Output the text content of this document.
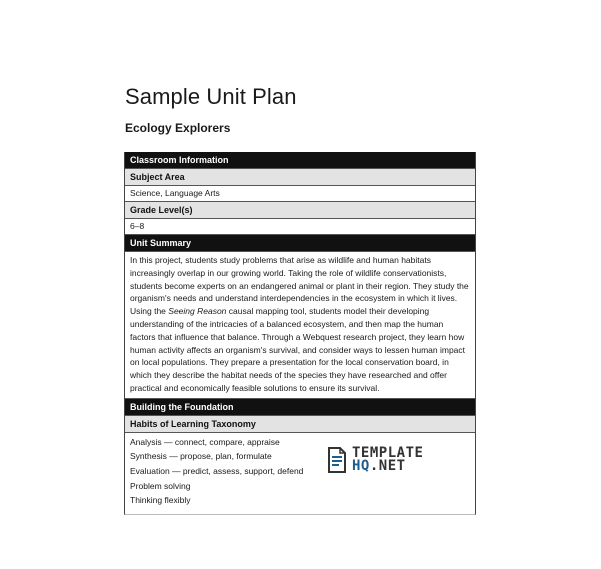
Sample Unit Plan
Ecology Explorers
Classroom Information
Subject Area
Science, Language Arts
Grade Level(s)
6–8
Unit Summary
In this project, students study problems that arise as wildlife and human habitats increasingly overlap in our growing world. Taking the role of wildlife conservationists, students become experts on an endangered animal or plant in their region. They study the organism's needs and understand interdependencies in the ecosystem in which it lives. Using the Seeing Reason causal mapping tool, students model their developing understanding of the intricacies of a balanced ecosystem, and then map the human factors that influence that balance. Through a Webquest research project, they learn how human activity affects an organism's survival, and consider ways to lessen human impact on local populations. They prepare a presentation for the local conservation board, in which they describe the habitat needs of the species they have researched and offer practical and economically feasible solutions to ensure its survival.
Building the Foundation
Habits of Learning Taxonomy
Analysis — connect, compare, appraise
Synthesis — propose, plan, formulate
Evaluation — predict, assess, support, defend
Problem solving
Thinking flexibly
TEMPLATE
HQ.NET
